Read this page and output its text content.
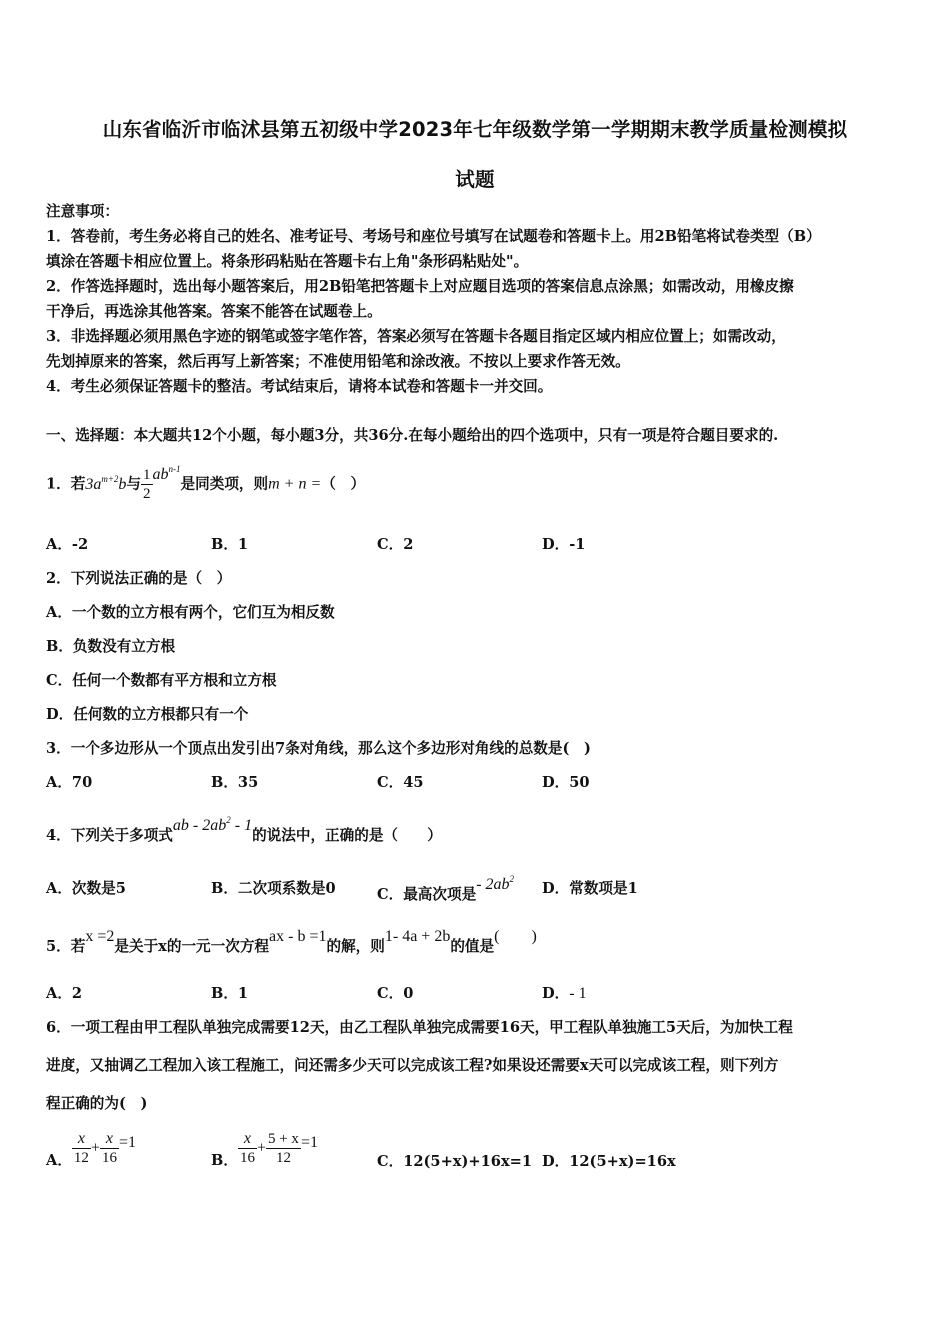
山东省临沂市临沭县第五初级中学2023年七年级数学第一学期期末教学质量检测模拟
试题
注意事项：
1．答卷前，考生务必将自己的姓名、准考证号、考场号和座位号填写在试题卷和答题卡上。用2B铅笔将试卷类型（B）
填涂在答题卡相应位置上。将条形码粘贴在答题卡右上角"条形码粘贴处"。
2．作答选择题时，选出每小题答案后，用2B铅笔把答题卡上对应题目选项的答案信息点涂黑；如需改动，用橡皮擦
干净后，再选涂其他答案。答案不能答在试题卷上。
3．非选择题必须用黑色字迹的钢笔或签字笔作答，答案必须写在答题卡各题目指定区域内相应位置上；如需改动，
先划掉原来的答案，然后再写上新答案；不准使用铅笔和涂改液。不按以上要求作答无效。
4．考生必须保证答题卡的整洁。考试结束后，请将本试卷和答题卡一并交回。
一、选择题：本大题共12个小题，每小题3分，共36分.在每小题给出的四个选项中，只有一项是符合题目要求的.
1．若$3a^{m+2}b$与 $\frac{1}{2} ab^{n-1}$是同类项，则m + n =（　）
A．-2	B．1	C．2	D．-1
2．下列说法正确的是（　）
A．一个数的立方根有两个，它们互为相反数
B．负数没有立方根
C．任何一个数都有平方根和立方根
D．任何数的立方根都只有一个
3．一个多边形从一个顶点出发引出7条对角线，那么这个多边形对角线的总数是(　)
A．70	B．35	C．45	D．50
4．下列关于多项式ab - $2ab^2 - 1$的说法中，正确的是（　　）
A．次数是5	B．二次项系数是0	C．最高次项是- $2ab^2$
D．常数项是1
5．若x =2是关于x的一元一次方程ax - b =1的解，则1- 4a + 2b的值是(　　)
A．2	B．1	C．0	D．- 1
6．一项工程由甲工程队单独完成需要12天，由乙工程队单独完成需要16天，甲工程队单独施工5天后，为加快工程
进度，又抽调乙工程加入该工程施工，问还需多少天可以完成该工程?如果设还需要x天可以完成该工程，则下列方
程正确的为(　)
A． $\frac{x}{12} + \frac{x}{16} =1$
B． $\frac{x}{16} + \frac{5 + x}{12} =1$
C．12(5+x)+16x=1 D．12(5+x)=16x
